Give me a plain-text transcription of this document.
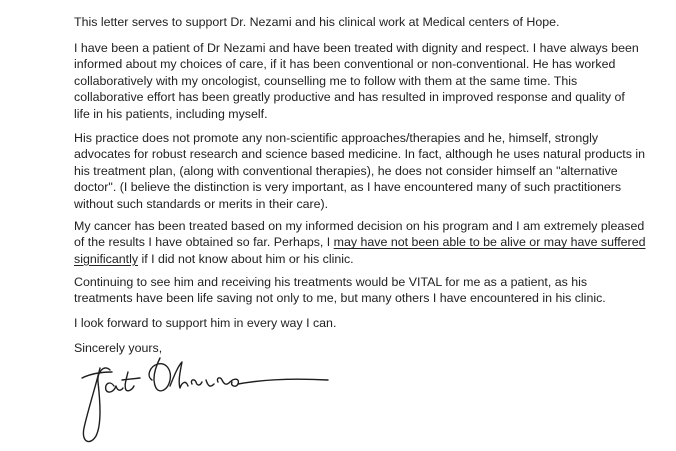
This letter serves to support Dr. Nezami and his clinical work at Medical centers of Hope.

I have been a patient of Dr Nezami and have been treated with dignity and respect. I have always been
informed about my choices of care, if it has been conventional or non-conventional. He has worked
collaboratively with my oncologist, counselling me to follow with them at the same time. This
collaborative effort has been greatly productive and has resulted in improved response and quality of
life in his patients, including myself.

His practice does not promote any non-scientific approaches/therapies and he, himself, strongly
advocates for robust research and science based medicine. In fact, although he uses natural products in
his treatment plan, (along with conventional therapies), he does not consider himself an "alternative
doctor". (I believe the distinction is very important, as I have encountered many of such practitioners
without such standards or merits in their care).

My cancer has been treated based on my informed decision on his program and I am extremely pleased
of the results I have obtained so far. Perhaps, I may have not been able to be alive or may have suffered
significantly if I did not know about him or his clinic.

Continuing to see him and receiving his treatments would be VITAL for me as a patient, as his
treatments have been life saving not only to me, but many others I have encountered in his clinic.

I look forward to support him in every way I can.

Sincerely yours,
